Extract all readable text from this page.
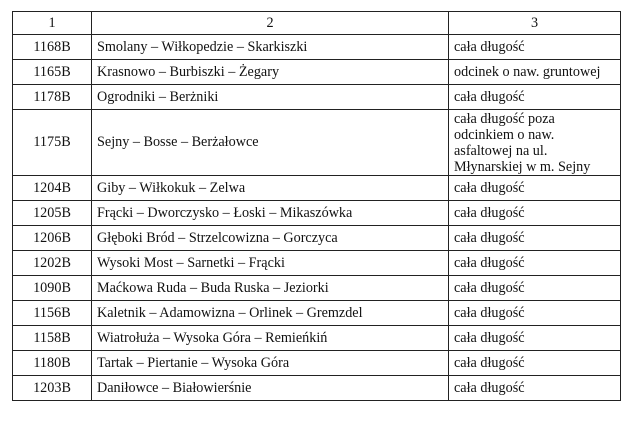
1	2	3
1168B	Smolany – Wiłkopedzie – Skarkiszki	cała długość
1165B	Krasnowo – Burbiszki – Żegary	odcinek o naw. gruntowej
1178B	Ogrodniki – Berżniki	cała długość
1175B	Sejny – Bosse – Berżałowce	cała długość poza odcinkiem o naw. asfaltowej na ul. Młynarskiej w m. Sejny
1204B	Giby – Wiłkokuk – Zelwa	cała długość
1205B	Frącki – Dworczysko – Łoski – Mikaszówka	cała długość
1206B	Głęboki Bród – Strzelcowizna – Gorczyca	cała długość
1202B	Wysoki Most – Sarnetki – Frącki	cała długość
1090B	Maćkowa Ruda – Buda Ruska – Jeziorki	cała długość
1156B	Kaletnik – Adamowizna – Orlinek – Gremzdel	cała długość
1158B	Wiatrołuża – Wysoka Góra – Remieńkiń	cała długość
1180B	Tartak – Piertanie – Wysoka Góra	cała długość
1203B	Daniłowce – Białowierśnie	cała długość
